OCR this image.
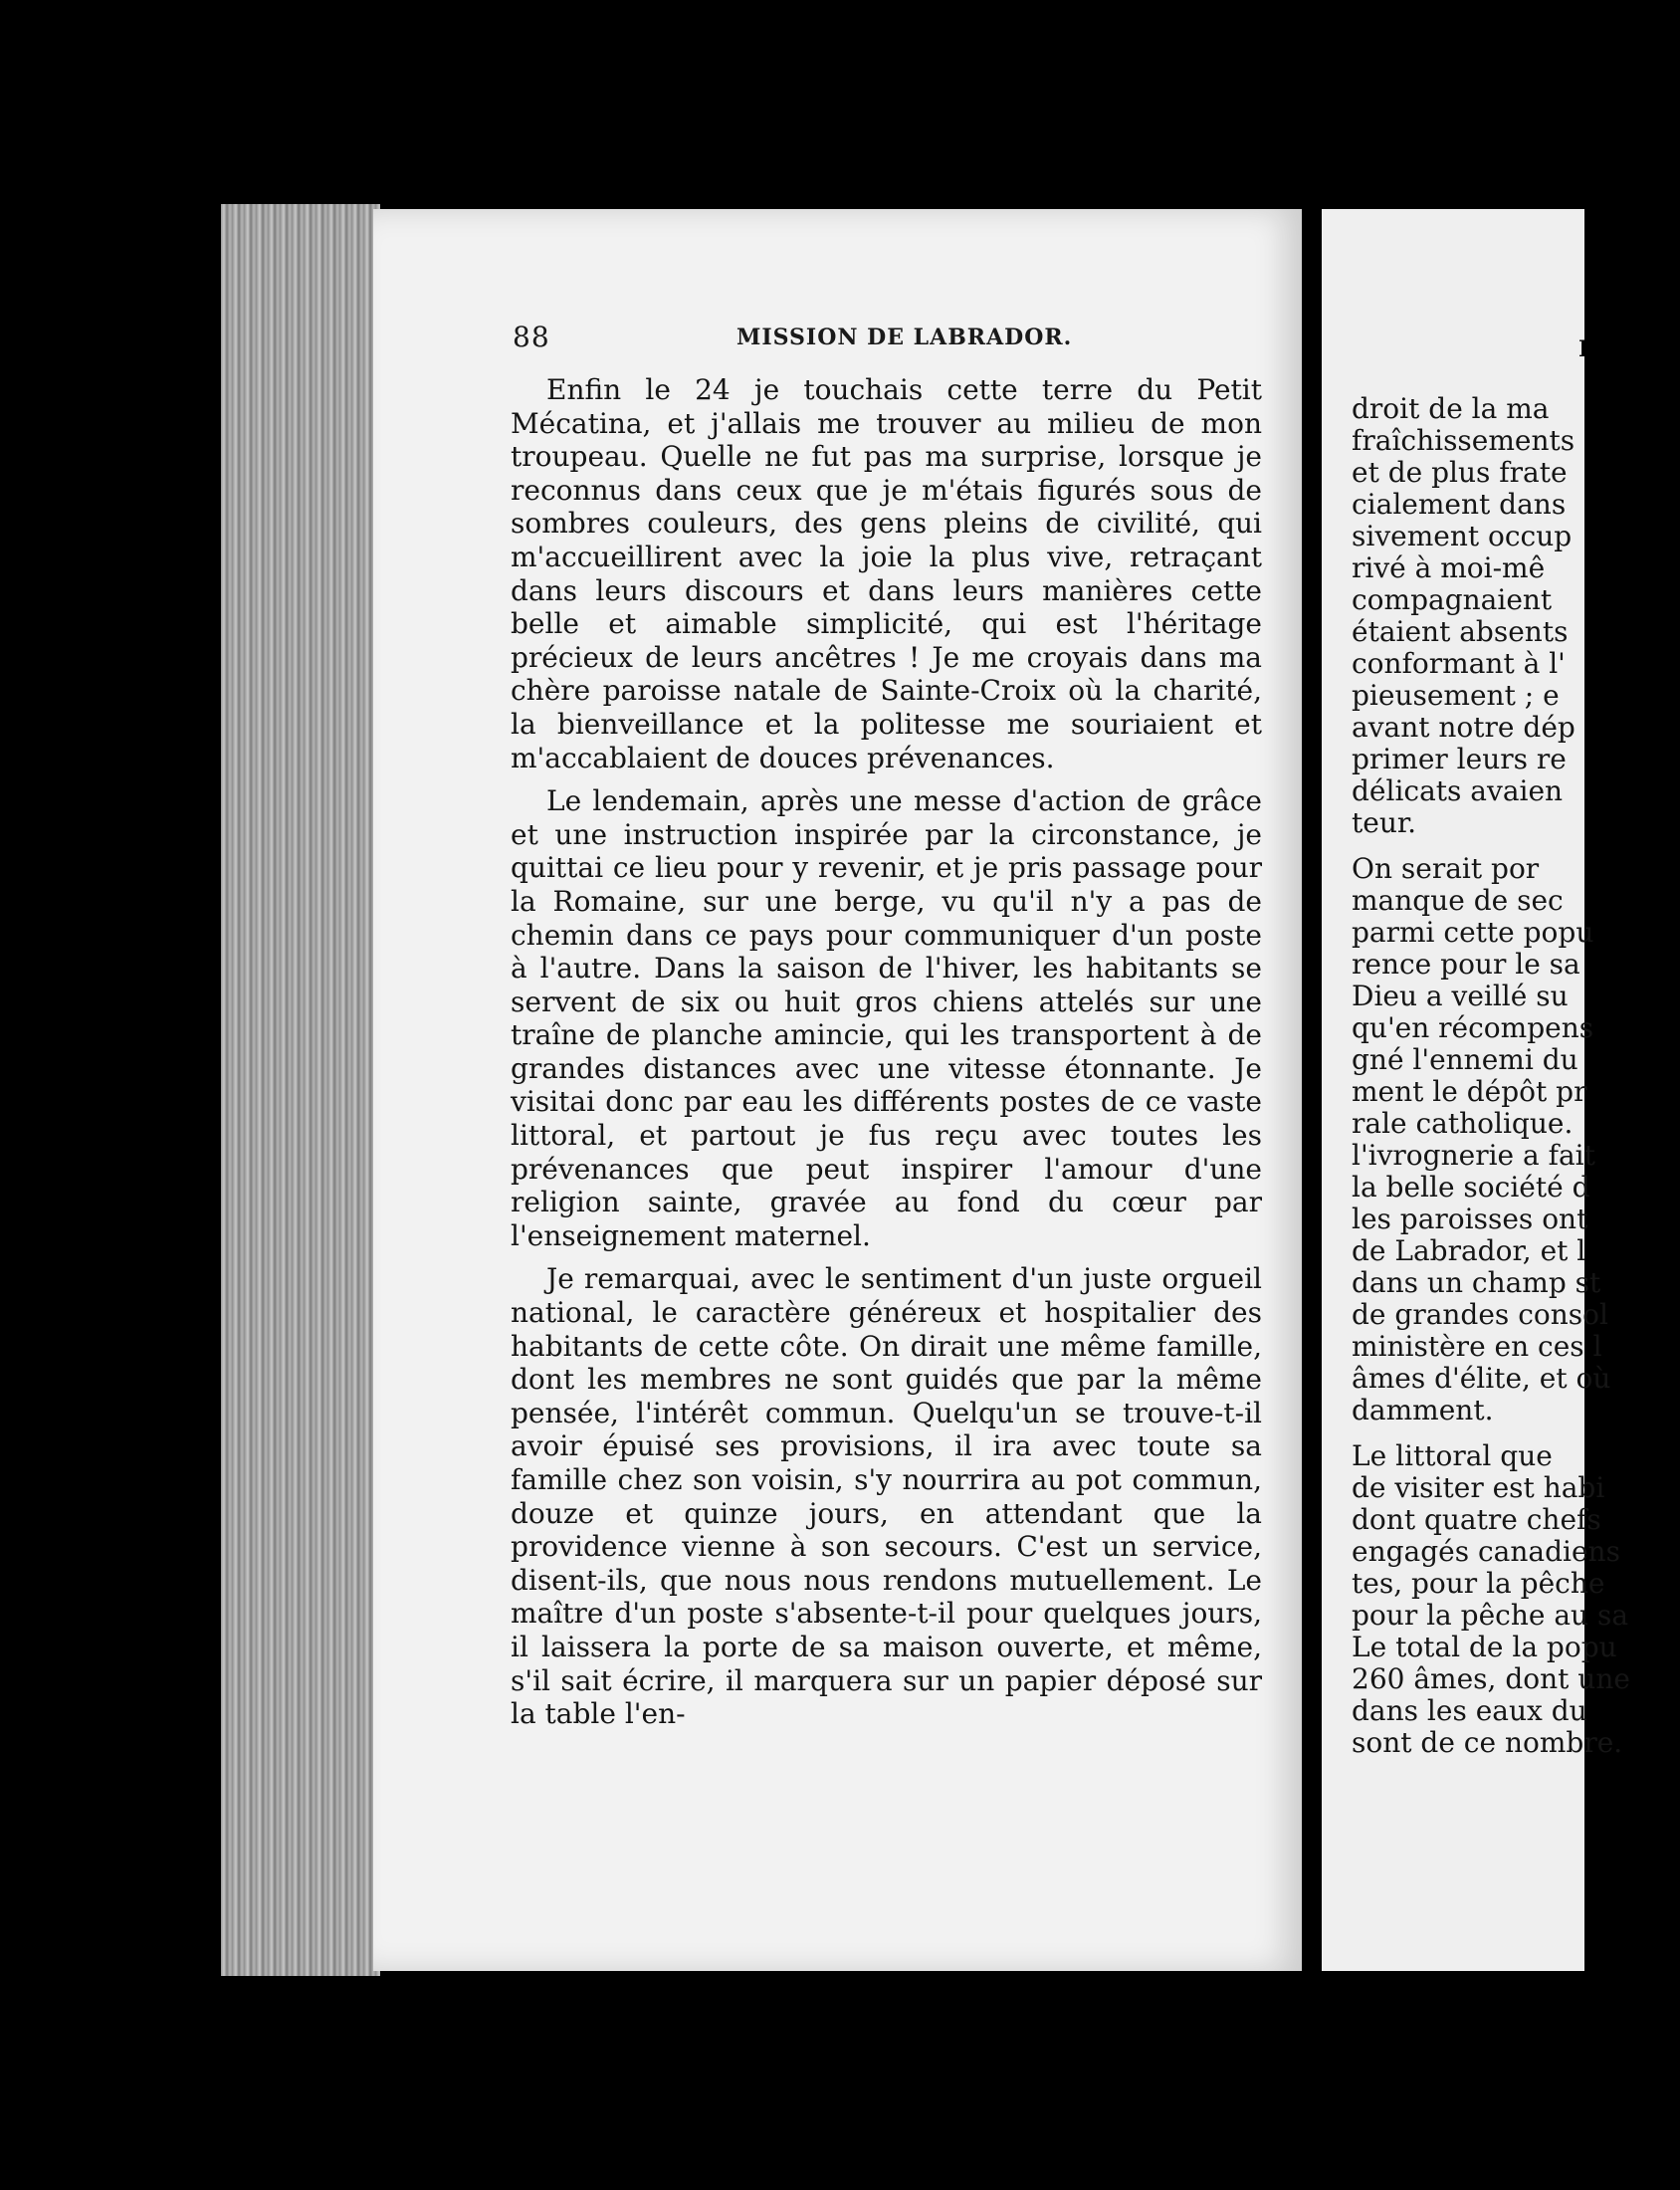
88	MISSION DE LABRADOR.

Enfin le 24 je touchais cette terre du Petit Mécatina, et j'allais me trouver au milieu de mon troupeau. Quelle ne fut pas ma surprise, lorsque je reconnus dans ceux que je m'étais figurés sous de sombres couleurs, des gens pleins de civilité, qui m'accueillirent avec la joie la plus vive, retraçant dans leurs discours et dans leurs manières cette belle et aimable simplicité, qui est l'héritage précieux de leurs ancêtres ! Je me croyais dans ma chère paroisse natale de Sainte-Croix où la charité, la bienveillance et la politesse me souriaient et m'accablaient de douces prévenances.

Le lendemain, après une messe d'action de grâce et une instruction inspirée par la circonstance, je quittai ce lieu pour y revenir, et je pris passage pour la Romaine, sur une berge, vu qu'il n'y a pas de chemin dans ce pays pour communiquer d'un poste à l'autre. Dans la saison de l'hiver, les habitants se servent de six ou huit gros chiens attelés sur une traîne de planche amincie, qui les transportent à de grandes distances avec une vitesse étonnante. Je visitai donc par eau les différents postes de ce vaste littoral, et partout je fus reçu avec toutes les prévenances que peut inspirer l'amour d'une religion sainte, gravée au fond du cœur par l'enseignement maternel.

Je remarquai, avec le sentiment d'un juste orgueil national, le caractère généreux et hospitalier des habitants de cette côte. On dirait une même famille, dont les membres ne sont guidés que par la même pensée, l'intérêt commun. Quelqu'un se trouve-t-il avoir épuisé ses provisions, il ira avec toute sa famille chez son voisin, s'y nourrira au pot commun, douze et quinze jours, en attendant que la providence vienne à son secours. C'est un service, disent-ils, que nous nous rendons mutuellement. Le maître d'un poste s'absente-t-il pour quelques jours, il laissera la porte de sa maison ouverte, et même, s'il sait écrire, il marquera sur un papier déposé sur la table l'en-

I
droit de la ma
fraîchissements
et de plus frate
cialement dans
sivement occup
rivé à moi-mê
compagnaient
étaient absents
conformant à l'
pieusement ; e
avant notre dép
primer leurs re
délicats avaien
teur.
On serait por
manque de sec
parmi cette popu
rence pour le sa
Dieu a veillé su
qu'en récompens
gné l'ennemi du
ment le dépôt pr
rale catholique.
l'ivrognerie a fait
la belle société d
les paroisses ont
de Labrador, et l
dans un champ st
de grandes consol
ministère en ces l
âmes d'élite, et où
damment.
Le littoral que
de visiter est habi
dont quatre chefs
engagés canadiens
tes, pour la pêche
pour la pêche au sa
Le total de la popu
260 âmes, dont une
dans les eaux du
sont de ce nombre.
